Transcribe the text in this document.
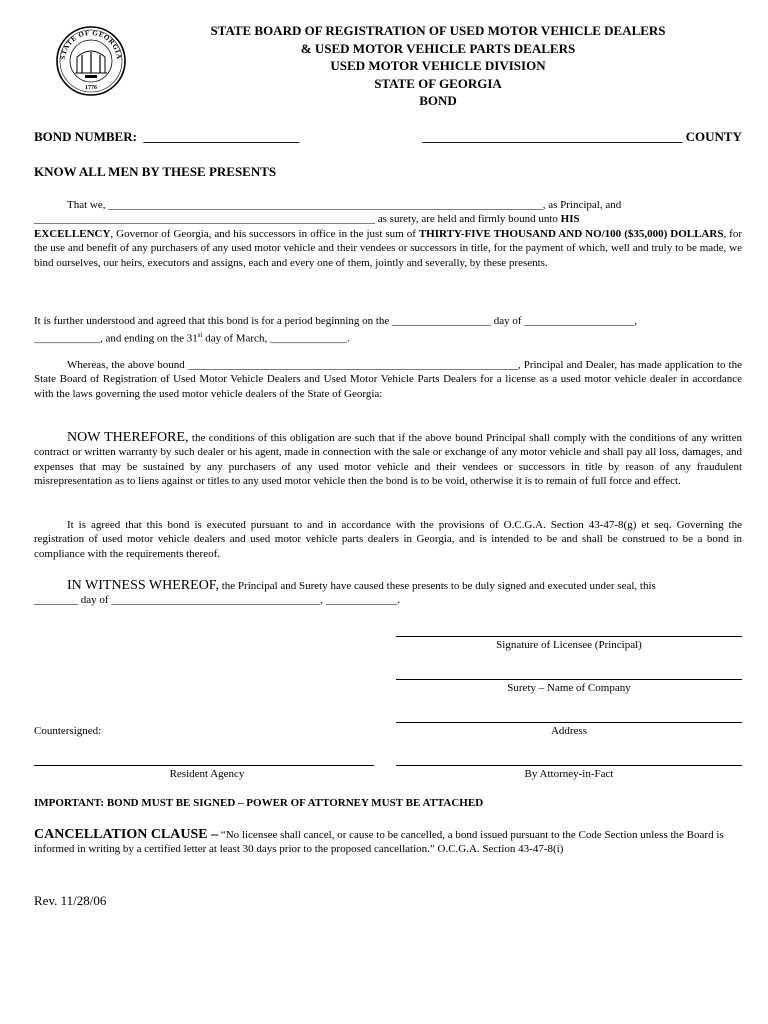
STATE OF GEORGIA
1776
STATE BOARD OF REGISTRATION OF USED MOTOR VEHICLE DEALERS
& USED MOTOR VEHICLE PARTS DEALERS
USED MOTOR VEHICLE DIVISION
STATE OF GEORGIA
BOND
BOND NUMBER: ________________________	________________________________________ COUNTY
KNOW ALL MEN BY THESE PRESENTS
That we, _______________________________________________________________________________, as Principal, and
______________________________________________________________ as surety, are held and firmly bound unto HIS
EXCELLENCY, Governor of Georgia, and his successors in office in the just sum of THIRTY-FIVE THOUSAND AND NO/100 ($35,000) DOLLARS, for the use and benefit of any purchasers of any used motor vehicle and their vendees or successors in title, for the payment of which, well and truly to be made, we bind ourselves, our heirs, executors and assigns, each and every one of them, jointly and severally, by these presents.
It is further understood and agreed that this bond is for a period beginning on the __________________ day of ____________________,
____________, and ending on the 31st day of March, ______________.
Whereas, the above bound ____________________________________________________________, Principal and Dealer, has made application to the State Board of Registration of Used Motor Vehicle Dealers and Used Motor Vehicle Parts Dealers for a license as a used motor vehicle dealer in accordance with the laws governing the used motor vehicle dealers of the State of Georgia:
NOW THEREFORE, the conditions of this obligation are such that if the above bound Principal shall comply with the conditions of any written contract or written warranty by such dealer or his agent, made in connection with the sale or exchange of any motor vehicle and shall pay all loss, damages, and expenses that may be sustained by any purchasers of any used motor vehicle and their vendees or successors in title by reason of any fraudulent misrepresentation as to liens against or titles to any used motor vehicle then the bond is to be void, otherwise it is to remain of full force and effect.
It is agreed that this bond is executed pursuant to and in accordance with the provisions of O.C.G.A. Section 43-47-8(g) et seq. Governing the registration of used motor vehicle dealers and used motor vehicle parts dealers in Georgia, and is intended to be and shall be construed to be a bond in compliance with the requirements thereof.
IN WITNESS WHEREOF, the Principal and Surety have caused these presents to be duly signed and executed under seal, this
________ day of ______________________________________, _____________.
Signature of Licensee (Principal)
Surety – Name of Company
Address
Countersigned:
Resident Agency	By Attorney-in-Fact
IMPORTANT: BOND MUST BE SIGNED – POWER OF ATTORNEY MUST BE ATTACHED
CANCELLATION CLAUSE – “No licensee shall cancel, or cause to be cancelled, a bond issued pursuant to the Code Section unless the Board is informed in writing by a certified letter at least 30 days prior to the proposed cancellation.” O.C.G.A. Section 43-47-8(i)
Rev. 11/28/06
